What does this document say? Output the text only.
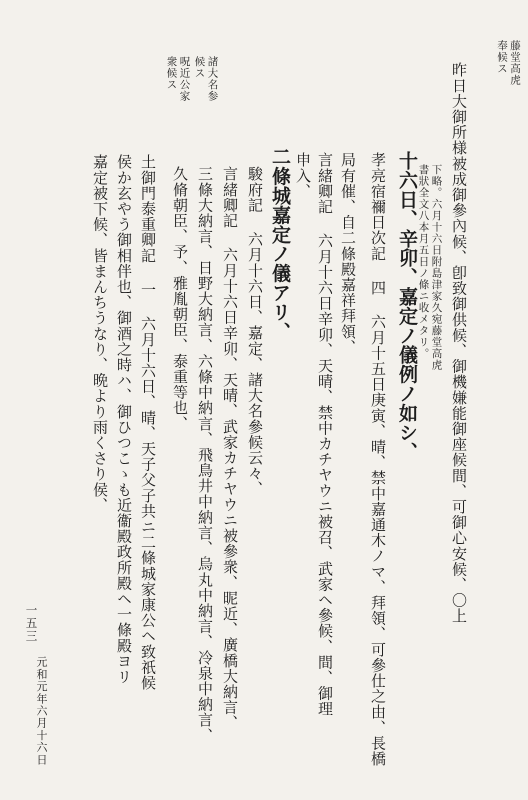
藤堂高虎
奉候ス
諸大名参
候ス
呪近公家
衆候ス	昨日大御所様被成御參內候、卽致御供候、御機嫌能御座候間、可御心安候、〇上
下略。六月十六日附島津家久宛藤堂高虎
書狀全文八本月五日ノ條ニ收メタリ。
十六日、辛卯、嘉定ノ儀例ノ如シ、
孝亮宿禰日次記 四 六月十五日庚寅、晴、禁中嘉通木ノマ、拜領、可參仕之由、長橋
局有催、自二條殿嘉祥拜領、
言緒卿記 六月十六日辛卯、天晴、禁中カチヤウニ被召、武家ヘ參候、間、御理
申入、
二條城嘉定ノ儀アリ、
駿府記 六月十六日、嘉定、諸大名參候云々、
言緒卿記 六月十六日辛卯、天晴、武家カチヤウニ被參衆、昵近、廣橋大納言、
三條大納言、日野大納言、六條中納言、飛鳥井中納言、烏丸中納言、冷泉中納言、
久脩朝臣、予、雅胤朝臣、泰重等也、
土御門泰重卿記 一 六月十六日、晴、天子父子共ニ二條城家康公ヘ致祇候
侯か玄やう御相伴也、御酒之時ハ、御ひつこゝも近衞殿政所殿ヘ一條殿ヨリ
嘉定被下候、皆まんちうなり、晩より雨くさり侯、
元和元年六月十六日
一五三
